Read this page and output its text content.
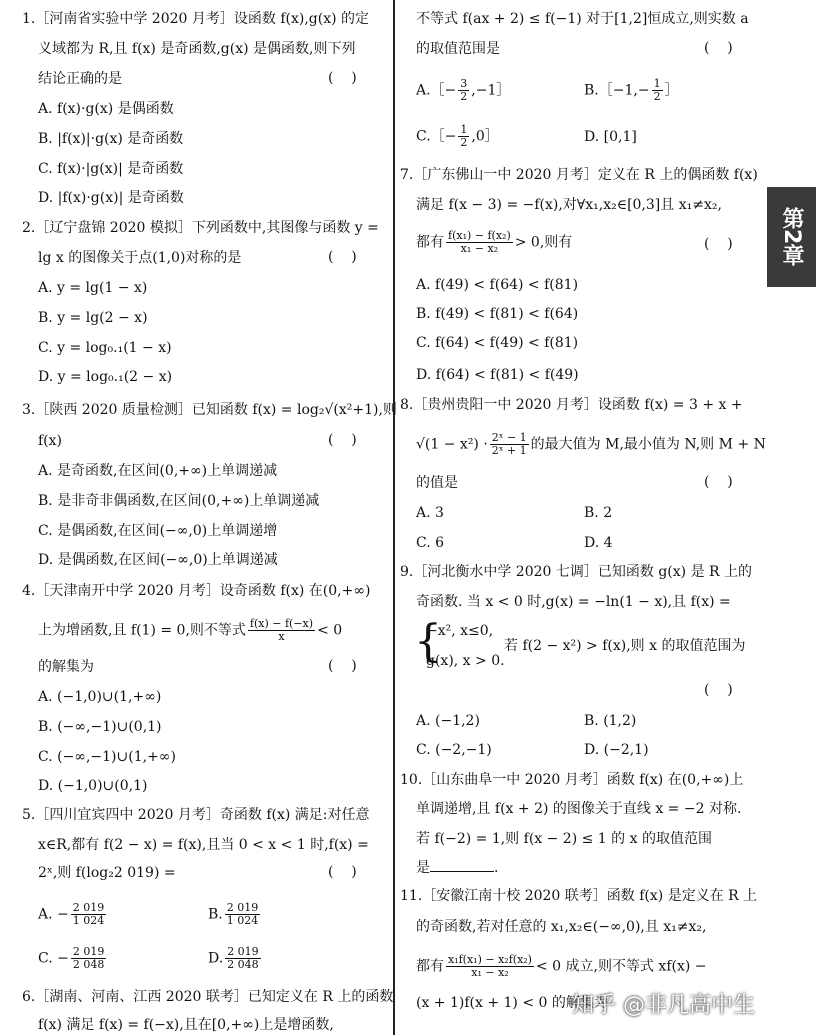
1.［河南省实验中学 2020 月考］设函数 f(x),g(x) 的定
义域都为 R,且 f(x) 是奇函数,g(x) 是偶函数,则下列
结论正确的是	(    )
A. f(x)·g(x) 是偶函数
B. |f(x)|·g(x) 是奇函数
C. f(x)·|g(x)| 是奇函数
D. |f(x)·g(x)| 是奇函数
2.［辽宁盘锦 2020 模拟］下列函数中,其图像与函数 y =
lg x 的图像关于点(1,0)对称的是	(    )
A. y = lg(1 − x)
B. y = lg(2 − x)
C. y = log₀.₁(1 − x)
D. y = log₀.₁(2 − x)
3.［陕西 2020 质量检测］已知函数 f(x) = log₂√(x²+1),则
f(x)	(    )
A. 是奇函数,在区间(0,+∞)上单调递减
B. 是非奇非偶函数,在区间(0,+∞)上单调递减
C. 是偶函数,在区间(−∞,0)上单调递增
D. 是偶函数,在区间(−∞,0)上单调递减
4.［天津南开中学 2020 月考］设奇函数 f(x) 在(0,+∞)
上为增函数,且 f(1) = 0,则不等式 $\frac{f(x) - f(-x)}{x} < 0$
的解集为	(    )
A. (−1,0)∪(1,+∞)
B. (−∞,−1)∪(0,1)
C. (−∞,−1)∪(1,+∞)
D. (−1,0)∪(0,1)
5.［四川宜宾四中 2020 月考］奇函数 f(x) 满足:对任意
x∈R,都有 f(2 − x) = f(x),且当 0 < x < 1 时,f(x) =
2ˣ,则 f(log₂2 019) =	(    )
A. − $\frac{2 019}{1 024}$	B. $\frac{2 019}{1 024}$
C. − $\frac{2 019}{2 048}$	D. $\frac{2 019}{2 048}$
6.［湖南、河南、江西 2020 联考］已知定义在 R 上的函数
f(x) 满足 f(x) = f(−x),且在[0,+∞)上是增函数,
不等式 f(ax + 2) ≤ f(−1) 对于[1,2]恒成立,则实数 a
的取值范围是	(    )
A.［− $\frac{3}{2}$ ,−1］	B.［−1,− $\frac{1}{2}$ ］
C.［− $\frac{1}{2}$ ,0］	D. [0,1]
7.［广东佛山一中 2020 月考］定义在 R 上的偶函数 f(x)
满足 f(x − 3) = −f(x),对∀x₁,x₂∈[0,3]且 x₁≠x₂,
都有 $\frac{\text{f(x₁) − f(x₂)}}{\text{x₁ − x₂}} > 0$,则有	(    )
A. f(49) < f(64) < f(81)
B. f(49) < f(81) < f(64)
C. f(64) < f(49) < f(81)
D. f(64) < f(81) < f(49)
8.［贵州贵阳一中 2020 月考］设函数 f(x) = 3 + x +
$√(1 - x^2) \cdot \frac{\text{2ˣ − 1}}{\text{2ˣ + 1}}$ 的最大值为 M,最小值为 N,则 M + N
的值是	(    )
A. 3	B. 2
C. 6	D. 4
9.［河北衡水中学 2020 七调］已知函数 g(x) 是 R 上的
奇函数. 当 x < 0 时,g(x) = −ln(1 − x),且 f(x) =
−x², x≤0,
g(x), x > 0.
若 f(2 − x²) > f(x),则 x 的取值范围为
(    )
A. (−1,2)	B. (1,2)
C. (−2,−1)	D. (−2,1)
10.［山东曲阜一中 2020 月考］函数 f(x) 在(0,+∞)上
单调递增,且 f(x + 2) 的图像关于直线 x = −2 对称.
若 f(−2) = 1,则 f(x − 2) ≤ 1 的 x 的取值范围
是	.
11.［安徽江南十校 2020 联考］函数 f(x) 是定义在 R 上
的奇函数,若对任意的 x₁,x₂∈(−∞,0),且 x₁≠x₂,
都有 $\frac{\text{x₁f(x₁) − x₂f(x₂)}}{\text{x₁ − x₂}} < 0$ 成立,则不等式 xf(x) −
(x + 1)f(x + 1) < 0 的解集为
{
第2章
知乎 @非凡高中生
